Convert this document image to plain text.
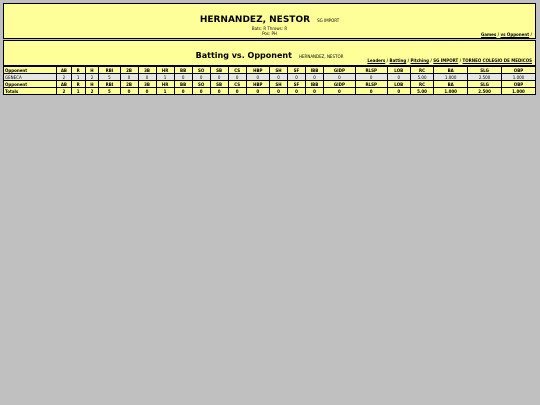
HERNANDEZ, NESTOR SG IMPORT
Bats: R Throws: R
Pos: PH	Games / vs Opponent /
Batting vs. Opponent HERNANDEZ, NESTOR
Leaders / Batting / Pitching / SG IMPORT / TORNEO COLEGIO DE MEDICOS
Opponent	AB	R	H	RBI	2B	3B	HR	BB	SO	SB	CS	HBP	SH	SF	IBB	GIDP	RLSP	LOB	RC	BA	SLG	OBP
GENECA	2	1	2	5	0	0	1	0	0	0	0	0	0	0	0	0	0	0	5.00	1.000	2.500	1.000
Opponent	AB	R	H	RBI	2B	3B	HR	BB	SO	SB	CS	HBP	SH	SF	IBB	GIDP	RLSP	LOB	RC	BA	SLG	OBP
Totals	2	1	2	5	0	0	1	0	0	0	0	0	0	0	0	0	0	0	5.00	1.000	2.500	1.000
